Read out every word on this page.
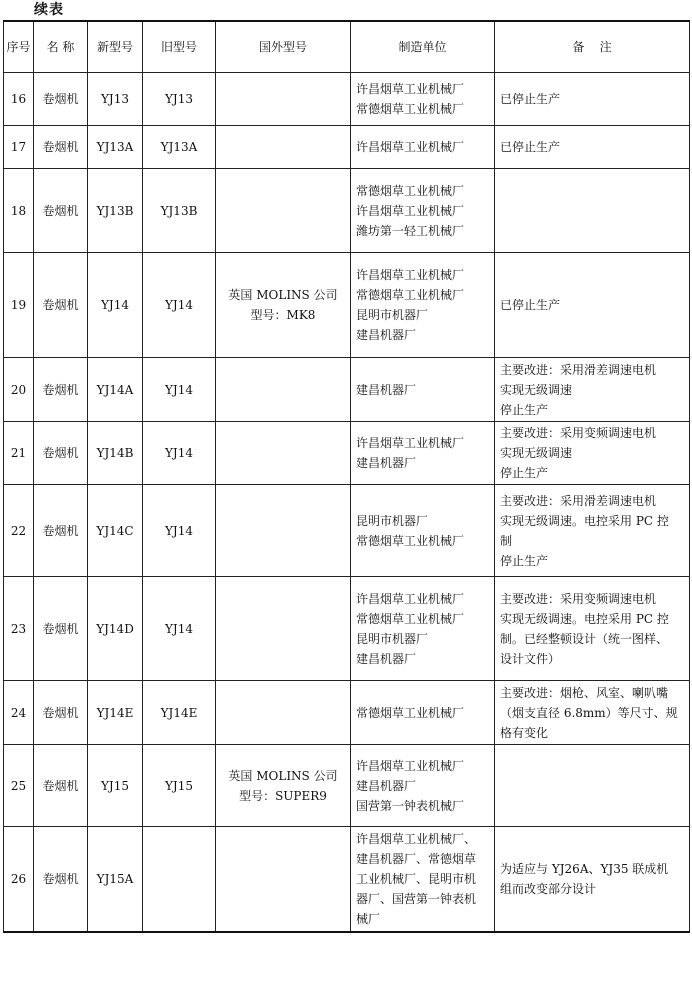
续表
序号	名 称	新型号	旧型号	国外型号	制造单位	备    注
16	卷烟机	YJ13	YJ13		许昌烟草工业机械厂
常德烟草工业机械厂	已停止生产

17	卷烟机	YJ13A	YJ13A		许昌烟草工业机械厂	已停止生产

18	卷烟机	YJ13B	YJ13B		常德烟草工业机械厂
许昌烟草工业机械厂
潍坊第一轻工机械厂	

19	卷烟机	YJ14	YJ14	英国 MOLINS 公司
型号：MK8	许昌烟草工业机械厂
常德烟草工业机械厂
昆明市机器厂
建昌机器厂	已停止生产

20	卷烟机	YJ14A	YJ14		建昌机器厂	主要改进：采用滑差调速电机
实现无级调速
停止生产

21	卷烟机	YJ14B	YJ14		许昌烟草工业机械厂
建昌机器厂	主要改进：采用变频调速电机
实现无级调速
停止生产

22	卷烟机	YJ14C	YJ14		昆明市机器厂
常德烟草工业机械厂	主要改进：采用滑差调速电机
实现无级调速。电控采用 PC 控
制
停止生产

23	卷烟机	YJ14D	YJ14		许昌烟草工业机械厂
常德烟草工业机械厂
昆明市机器厂
建昌机器厂	主要改进：采用变频调速电机
实现无级调速。电控采用 PC 控
制。已经整顿设计（统一图样、
设计文件）

24	卷烟机	YJ14E	YJ14E		常德烟草工业机械厂	主要改进：烟枪、风室、喇叭嘴
（烟支直径 6.8mm）等尺寸、规
格有变化

25	卷烟机	YJ15	YJ15	英国 MOLINS 公司
型号：SUPER9	许昌烟草工业机械厂
建昌机器厂
国营第一钟表机械厂	

26	卷烟机	YJ15A			许昌烟草工业机械厂、
建昌机器厂、常德烟草
工业机械厂、昆明市机
器厂、国营第一钟表机
械厂	为适应与 YJ26A、YJ35 联成机
组而改变部分设计
